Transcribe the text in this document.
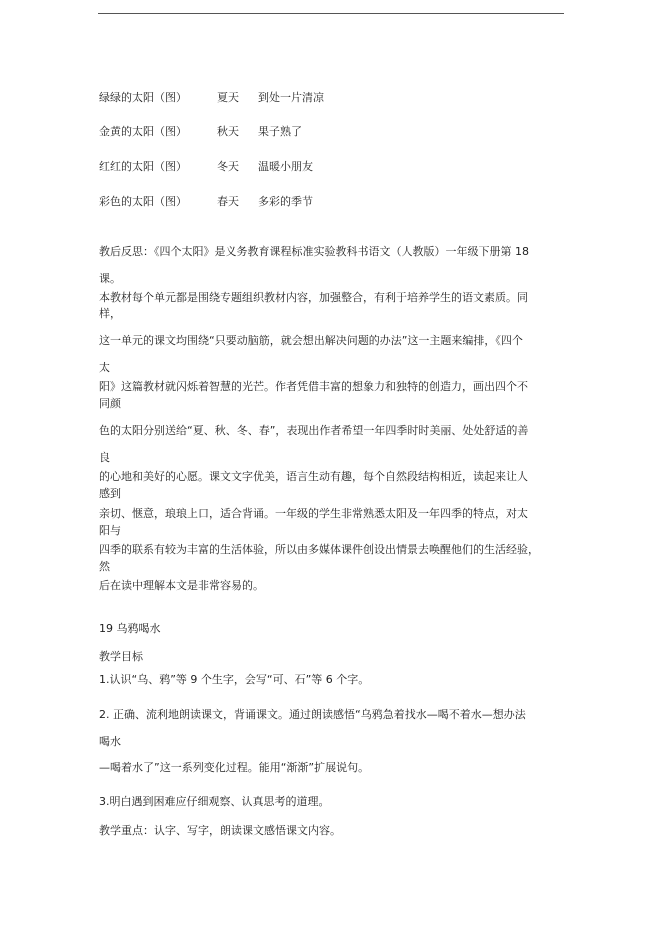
绿绿的太阳（图）	夏天 到处一片清凉
金黄的太阳（图）	秋天 果子熟了
红红的太阳（图）	冬天 温暖小朋友
彩色的太阳（图）	春天 多彩的季节
教后反思：《四个太阳》是义务教育课程标准实验教科书语文（人教版）一年级下册第 18
课。
本教材每个单元都是围绕专题组织教材内容，加强整合，有利于培养学生的语文素质。同
样，
这一单元的课文均围绕“只要动脑筋，就会想出解决问题的办法”这一主题来编排，《四个
太
阳》这篇教材就闪烁着智慧的光芒。作者凭借丰富的想象力和独特的创造力，画出四个不
同颜
色的太阳分别送给“夏、秋、冬、春”，表现出作者希望一年四季时时美丽、处处舒适的善
良
的心地和美好的心愿。课文文字优美，语言生动有趣，每个自然段结构相近，读起来让人
感到
亲切、惬意，琅琅上口，适合背诵。一年级的学生非常熟悉太阳及一年四季的特点，对太
阳与
四季的联系有较为丰富的生活体验，所以由多媒体课件创设出情景去唤醒他们的生活经验，
然
后在读中理解本文是非常容易的。
19 乌鸦喝水
教学目标
1.认识“乌、鸦”等 9 个生字，会写“可、石”等 6 个字。
2. 正确、流利地朗读课文，背诵课文。通过朗读感悟“乌鸦急着找水—喝不着水—想办法
喝水
—喝着水了”这一系列变化过程。能用“渐渐”扩展说句。
3.明白遇到困难应仔细观察、认真思考的道理。
教学重点：认字、写字，朗读课文感悟课文内容。
